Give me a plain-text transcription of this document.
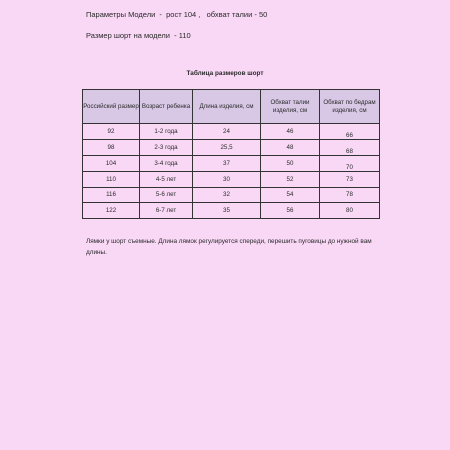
Параметры Модели  -  рост 104 ,   обхват талии - 50
Размер шорт на модели  - 110
Таблица размеров шорт
Российский размер	Возраст ребенка	Длина изделия, см	Обхват талии изделия, см	Обхват по бедрам изделия, см
92	1-2 года	24	46	66
98	2-3 года	25,5	48	68
104	3-4 года	37	50	70
110	4-5 лет	30	52	73
116	5-6 лет	32	54	78
122	6-7 лет	35	56	80
Лямки у шорт съемные. Длина лямок регулируется спереди, перешить пуговицы до нужной вам длины.
